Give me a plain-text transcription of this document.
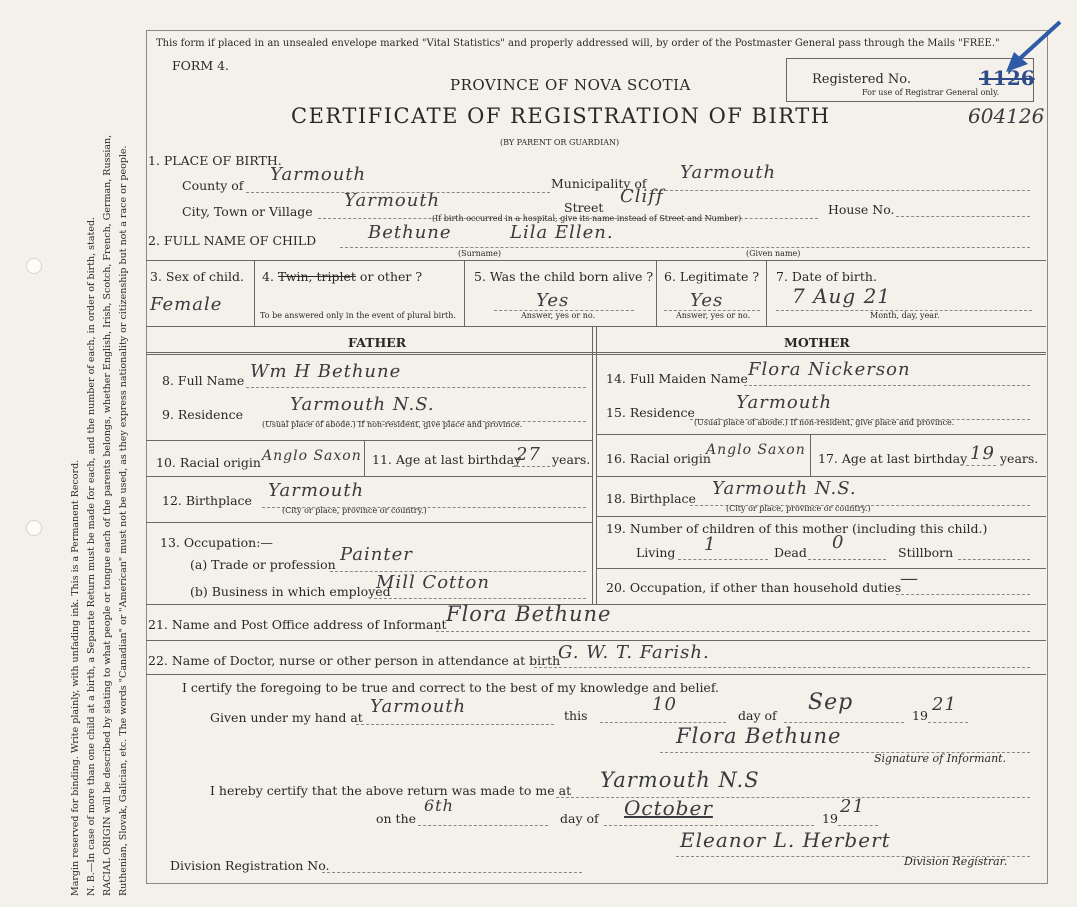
Margin reserved for binding. Write plainly, with unfading ink. This is a Permanent Record. N. B.—In case of more than one child at a birth, a Separate Return must be made for each, and the number of each, in order of birth, stated. RACIAL ORIGIN will be described by stating to what people or tongue each of the parents belongs, whether English, Irish, Scotch, French, German, Russian, Ruthenian, Slovak, Galician, etc. The words "Canadian" or "American" must not be used, as they express nationality or citizenship but not a race or people.
This form if placed in an unsealed envelope marked "Vital Statistics" and properly addressed will, by order of the Postmaster General pass through the Mails "FREE."
FORM 4.
PROVINCE OF NOVA SCOTIA
CERTIFICATE OF REGISTRATION OF BIRTH
(BY PARENT OR GUARDIAN)
Registered No.	1126
For use of Registrar General only.
604126
1. PLACE OF BIRTH.
County of
Yarmouth	Municipality of
Yarmouth
City, Town or Village
Yarmouth
(If birth occurred in a hospital, give its name instead of Street and Number)
Street
Cliff
House No.
2. FULL NAME OF CHILD	Bethune	Lila Ellen.
(Surname)	(Given name)
3. Sex of child.
Female
4. Twin, triplet or other ?
To be answered only in the event of plural birth.
5. Was the child born alive ?
Yes
Answer, yes or no.
6. Legitimate ?
Yes
Answer, yes or no.
7. Date of birth.
7 Aug 21
Month, day, year.
FATHER	MOTHER
8. Full Name Wm H Bethune
9. Residence	Yarmouth N.S.
(Usual place of abode.) If non-resident, give place and province.
10. Racial origin Anglo Saxon 11. Age at last birthday
27 years.
12. Birthplace Yarmouth
(City or place, province or country.)
13. Occupation:—
(a) Trade or profession Painter
(b) Business in which employed
Mill Cotton
14. Full Maiden Name Flora Nickerson
15. Residence Yarmouth
(Usual place of abode.) If non-resident, give place and province.
16. Racial origin
Anglo Saxon
17. Age at last birthday 19 years.
18. Birthplace Yarmouth N.S.
(City or place, province or country.)
19. Number of children of this mother (including this child.)
Living 1	Dead 0	Stillborn
20. Occupation, if other than household duties
—
21. Name and Post Office address of Informant Flora Bethune
22. Name of Doctor, nurse or other person in attendance at birth
G. W. T. Farish.
I certify the foregoing to be true and correct to the best of my knowledge and belief.
Given under my hand at
Yarmouth	this
10
day of
Sep
19
21
Flora Bethune
Signature of Informant.
I hereby certify that the above return was made to me at Yarmouth N.S
on the
6th
day of October	19
21
Eleanor L. Herbert
Division Registrar.
Division Registration No.
